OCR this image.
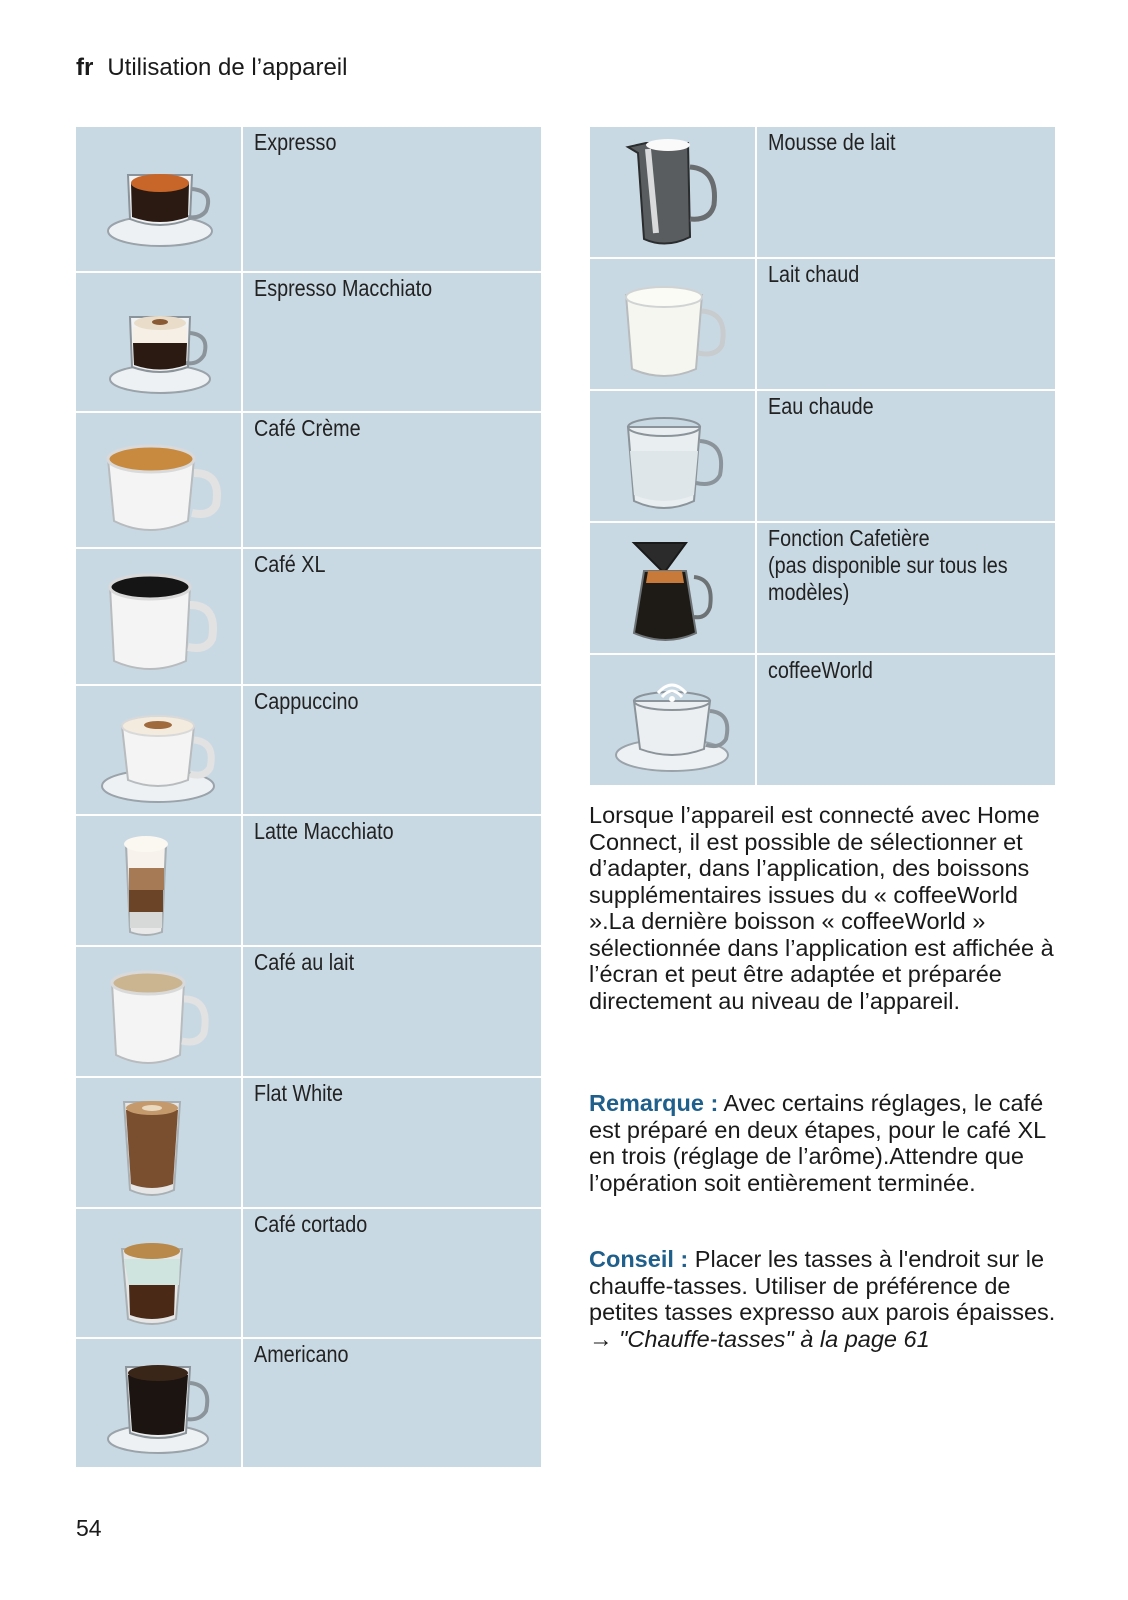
fr Utilisation de l’appareil
Expresso
Espresso Macchiato
Café Crème
Café XL
Cappuccino
Latte Macchiato
Café au lait
Flat White
Café cortado
Americano
Mousse de lait
Lait chaud
Eau chaude
Fonction Cafetière
(pas disponible sur tous les
modèles)
coffeeWorld
Lorsque l’appareil est connecté avec Home Connect, il est possible de sélectionner et d’adapter, dans l’application, des boissons supplémentaires issues du « coffeeWorld ».La dernière boisson « coffeeWorld » sélectionnée dans l’application est affichée à l’écran et peut être adaptée et préparée directement au niveau de l’appareil.
Remarque : Avec certains réglages, le café est préparé en deux étapes, pour le café XL en trois (réglage de l’arôme).Attendre que l’opération soit entièrement terminée.
Conseil : Placer les tasses à l'endroit sur le chauffe-tasses. Utiliser de préférence de petites tasses expresso aux parois épaisses.
→ "Chauffe-tasses" à la page 61
54
